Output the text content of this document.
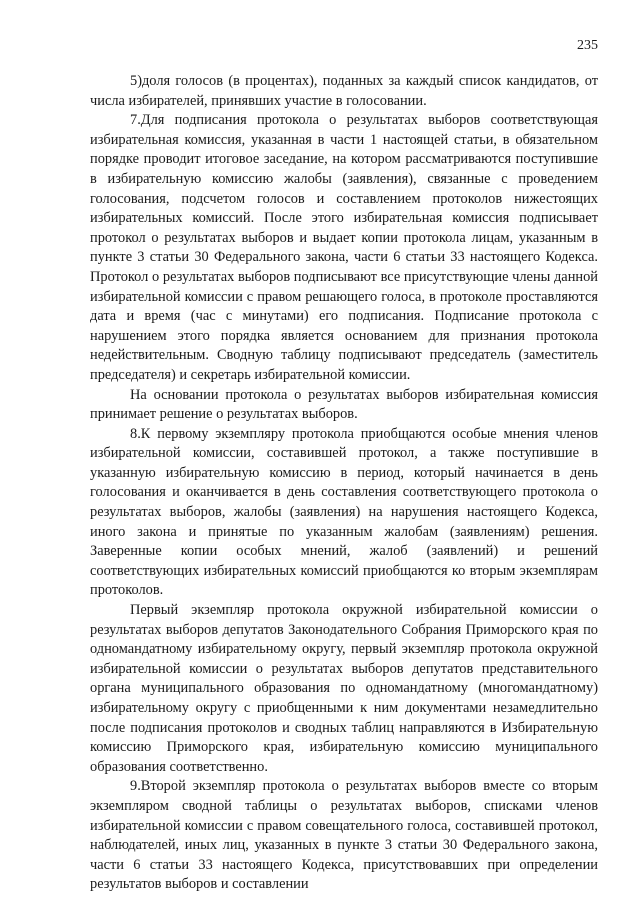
235

5)доля голосов (в процентах), поданных за каждый список кандидатов, от числа избирателей, принявших участие в голосовании.

7.Для подписания протокола о результатах выборов соответствующая избирательная комиссия, указанная в части 1 настоящей статьи, в обязательном порядке проводит итоговое заседание, на котором рассматриваются поступившие в избирательную комиссию жалобы (заявления), связанные с проведением голосования, подсчетом голосов и составлением протоколов нижестоящих избирательных комиссий. После этого избирательная комиссия подписывает протокол о результатах выборов и выдает копии протокола лицам, указанным в пункте 3 статьи 30 Федерального закона, части 6 статьи 33 настоящего Кодекса. Протокол о результатах выборов подписывают все присутствующие члены данной избирательной комиссии с правом решающего голоса, в протоколе проставляются дата и время (час с минутами) его подписания. Подписание протокола с нарушением этого порядка является основанием для признания протокола недействительным. Сводную таблицу подписывают председатель (заместитель председателя) и секретарь избирательной комиссии.

На основании протокола о результатах выборов избирательная комиссия принимает решение о результатах выборов.

8.К первому экземпляру протокола приобщаются особые мнения членов избирательной комиссии, составившей протокол, а также поступившие в указанную избирательную комиссию в период, который начинается в день голосования и оканчивается в день составления соответствующего протокола о результатах выборов, жалобы (заявления) на нарушения настоящего Кодекса, иного закона и принятые по указанным жалобам (заявлениям) решения. Заверенные копии особых мнений, жалоб (заявлений) и решений соответствующих избирательных комиссий приобщаются ко вторым экземплярам протоколов.

Первый экземпляр протокола окружной избирательной комиссии о результатах выборов депутатов Законодательного Собрания Приморского края по одномандатному избирательному округу, первый экземпляр протокола окружной избирательной комиссии о результатах выборов депутатов представительного органа муниципального образования по одномандатному (многомандатному) избирательному округу с приобщенными к ним документами незамедлительно после подписания протоколов и сводных таблиц направляются в Избирательную комиссию Приморского края, избирательную комиссию муниципального образования соответственно.

9.Второй экземпляр протокола о результатах выборов вместе со вторым экземпляром сводной таблицы о результатах выборов, списками членов избирательной комиссии с правом совещательного голоса, составившей протокол, наблюдателей, иных лиц, указанных в пункте 3 статьи 30 Федерального закона, части 6 статьи 33 настоящего Кодекса, присутствовавших при определении результатов выборов и составлении
